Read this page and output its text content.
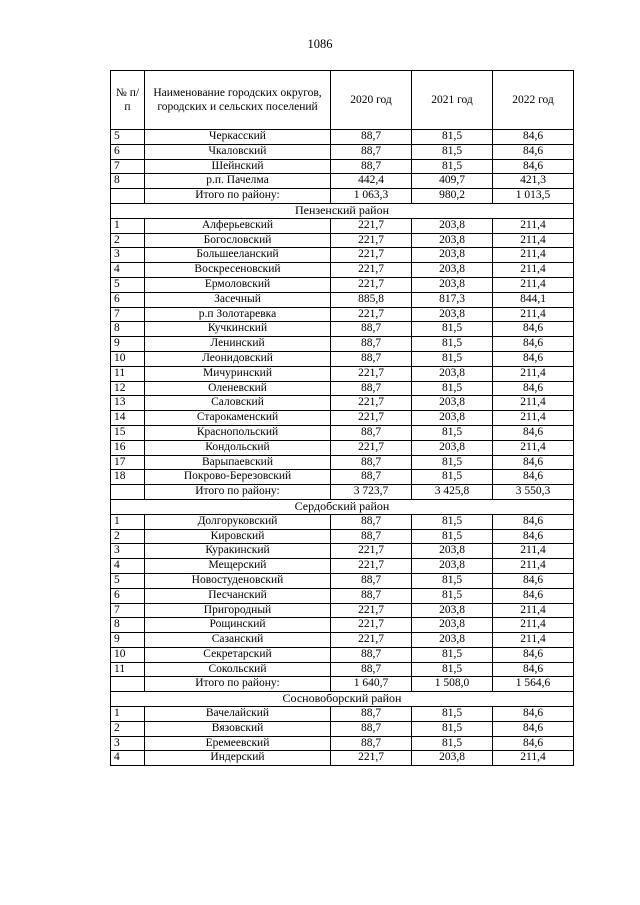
1086
№ п/п	Наименование городских округов, городских и сельских поселений	2020 год	2021 год	2022 год
5	Черкасский	88,7	81,5	84,6
6	Чкаловский	88,7	81,5	84,6
7	Шейнский	88,7	81,5	84,6
8	р.п. Пачелма	442,4	409,7	421,3
	Итого по району:	1 063,3	980,2	1 013,5
Пензенский район				
1	Алферьевский	221,7	203,8	211,4
2	Богословский	221,7	203,8	211,4
3	Большееланский	221,7	203,8	211,4
4	Воскресеновский	221,7	203,8	211,4
5	Ермоловский	221,7	203,8	211,4
6	Засечный	885,8	817,3	844,1
7	р.п Золотаревка	221,7	203,8	211,4
8	Кучкинский	88,7	81,5	84,6
9	Ленинский	88,7	81,5	84,6
10	Леонидовский	88,7	81,5	84,6
11	Мичуринский	221,7	203,8	211,4
12	Оленевский	88,7	81,5	84,6
13	Саловский	221,7	203,8	211,4
14	Старокаменский	221,7	203,8	211,4
15	Краснопольский	88,7	81,5	84,6
16	Кондольский	221,7	203,8	211,4
17	Варыпаевский	88,7	81,5	84,6
18	Покрово-Березовский	88,7	81,5	84,6
	Итого по району:	3 723,7	3 425,8	3 550,3
Сердобский район				
1	Долгоруковский	88,7	81,5	84,6
2	Кировский	88,7	81,5	84,6
3	Куракинский	221,7	203,8	211,4
4	Мещерский	221,7	203,8	211,4
5	Новостуденовский	88,7	81,5	84,6
6	Песчанский	88,7	81,5	84,6
7	Пригородный	221,7	203,8	211,4
8	Рощинский	221,7	203,8	211,4
9	Сазанский	221,7	203,8	211,4
10	Секретарский	88,7	81,5	84,6
11	Сокольский	88,7	81,5	84,6
	Итого по району:	1 640,7	1 508,0	1 564,6
Сосновоборский район				
1	Вачелайский	88,7	81,5	84,6
2	Вязовский	88,7	81,5	84,6
3	Еремеевский	88,7	81,5	84,6
4	Индерский	221,7	203,8	211,4
